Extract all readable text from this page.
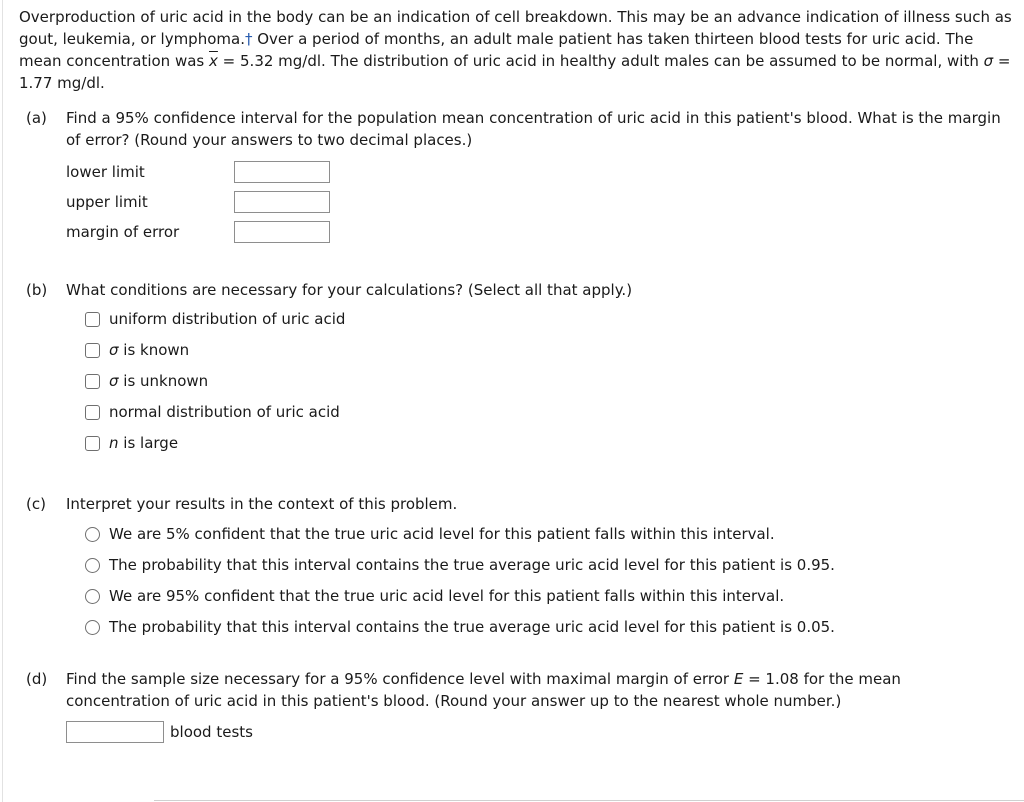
Overproduction of uric acid in the body can be an indication of cell breakdown. This may be an advance indication of illness such as gout, leukemia, or lymphoma.† Over a period of months, an adult male patient has taken thirteen blood tests for uric acid. The mean concentration was $\overline{x} = 5.32$ mg/dl. The distribution of uric acid in healthy adult males can be assumed to be normal, with σ = 1.77 mg/dl.
(a) Find a 95% confidence interval for the population mean concentration of uric acid in this patient's blood. What is the margin of error? (Round your answers to two decimal places.)
lower limit
upper limit
margin of error
(b) What conditions are necessary for your calculations? (Select all that apply.)
uniform distribution of uric acid
σ is known
σ is unknown
normal distribution of uric acid
n is large
(c) Interpret your results in the context of this problem.
We are 5% confident that the true uric acid level for this patient falls within this interval.
The probability that this interval contains the true average uric acid level for this patient is 0.95.
We are 95% confident that the true uric acid level for this patient falls within this interval.
The probability that this interval contains the true average uric acid level for this patient is 0.05.
(d) Find the sample size necessary for a 95% confidence level with maximal margin of error E = 1.08 for the mean concentration of uric acid in this patient's blood. (Round your answer up to the nearest whole number.)
blood tests
